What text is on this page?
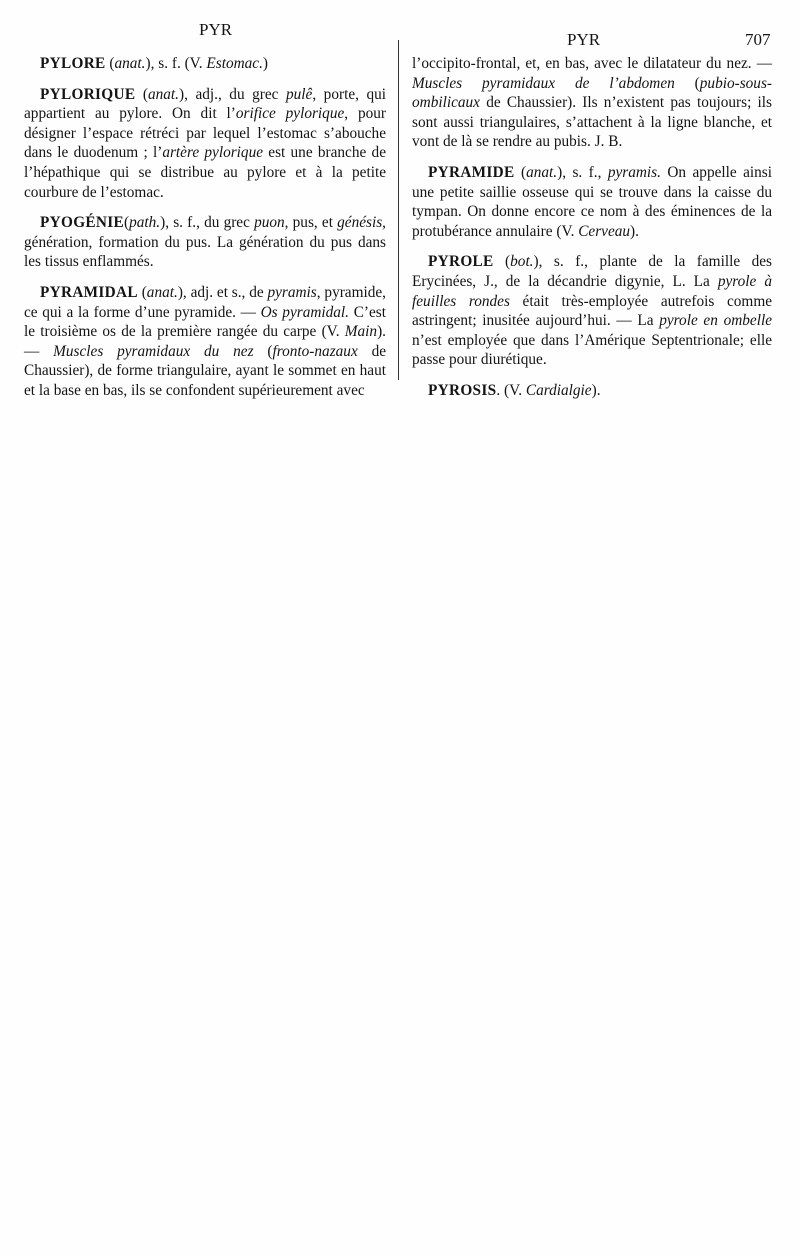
PYR
PYR	707

PYLORE (anat.), s. f. (V. Estomac.)

PYLORIQUE (anat.), adj., du grec pulê, porte, qui appartient au pylore. On dit l’orifice pylorique, pour désigner l’espace rétréci par lequel l’estomac s’abouche dans le duodenum ; l’artère pylorique est une branche de l’hépathique qui se distribue au pylore et à la petite courbure de l’estomac.

PYOGÉNIE(path.), s. f., du grec puon, pus, et génésis, génération, formation du pus. La génération du pus dans les tissus enflammés.

PYRAMIDAL (anat.), adj. et s., de pyramis, pyramide, ce qui a la forme d’une pyramide. — Os pyramidal. C’est le troisième os de la première rangée du carpe (V. Main). — Muscles pyramidaux du nez (fronto-nazaux de Chaussier), de forme triangulaire, ayant le sommet en haut et la base en bas, ils se confondent supérieurement avec

l’occipito-frontal, et, en bas, avec le dilatateur du nez. —Muscles pyramidaux de l’abdomen (pubio-sous-ombilicaux de Chaussier). Ils n’existent pas toujours; ils sont aussi triangulaires, s’attachent à la ligne blanche, et vont de là se rendre au pubis. J. B.

PYRAMIDE (anat.), s. f., pyramis. On appelle ainsi une petite saillie osseuse qui se trouve dans la caisse du tympan. On donne encore ce nom à des éminences de la protubérance annulaire (V. Cerveau).

PYROLE (bot.), s. f., plante de la famille des Erycinées, J., de la décandrie digynie, L. La pyrole à feuilles rondes était très-employée autrefois comme astringent; inusitée aujourd’hui. — La pyrole en ombelle n’est employée que dans l’Amérique Septentrionale; elle passe pour diurétique.

PYROSIS. (V. Cardialgie).
